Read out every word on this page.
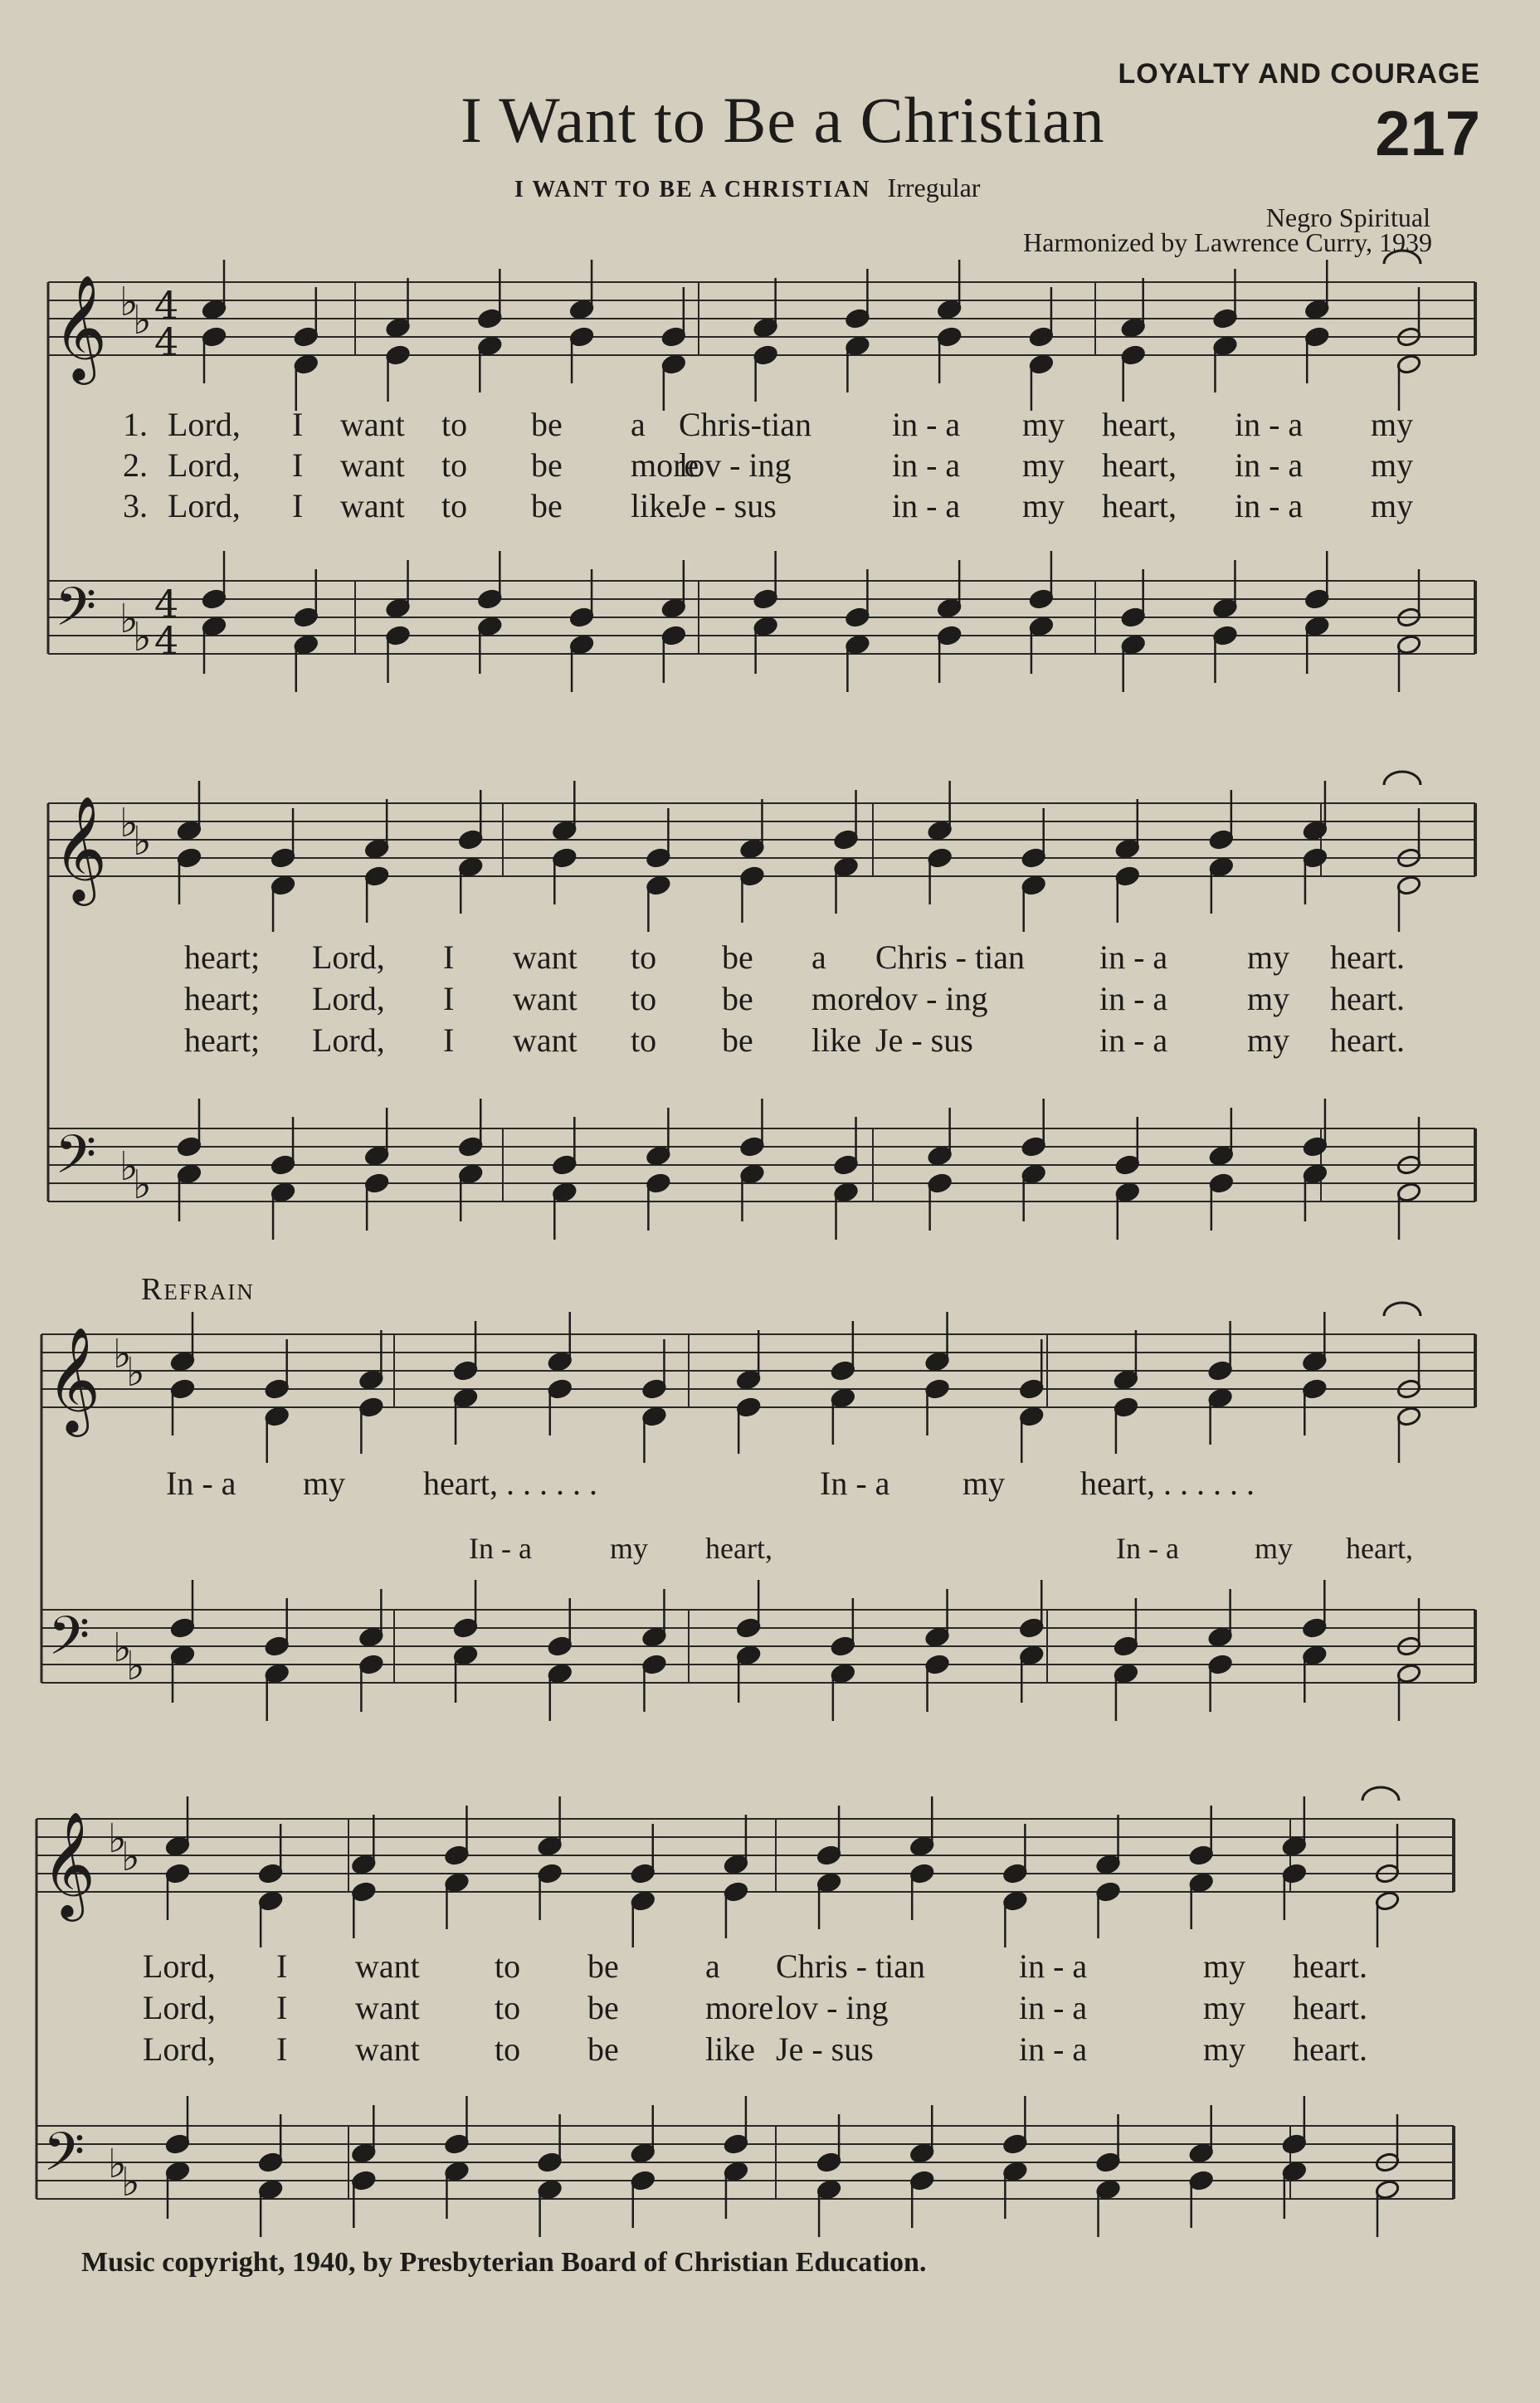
LOYALTY AND COURAGE
I Want to Be a Christian	217
I WANT TO BE A CHRISTIAN Irregular
Negro Spiritual
Harmonized by Lawrence Curry, 1939
𝄞
𝄢
♭
♭
♭
♭
4
4
4
4
𝄞
𝄢
♭
♭
♭
♭
𝄞
𝄢
♭
♭
♭
♭
𝄞
𝄢
♭
♭
♭
♭
1. Lord, I want to be a Chris-tian in - a my heart, in - a my
2. Lord, I want to be more
lov - ing	in - a my heart, in - a my
3. Lord, I want to be like
Je - sus	in - a my heart, in - a my
heart; Lord, I want to be a Chris - tian in - a my heart.
heart; Lord, I want to be more
lov - ing	in - a my heart.
heart; Lord, I want to be like Je - sus	in - a my heart.
Refrain
In - a my heart, . . . . . .	In - a my heart, . . . . . .
In - a	my heart,	In - a	my heart,
Lord, I want to be	a Chris - tian	in - a	my heart.
Lord, I want to be	more lov - ing	in - a	my heart.
Lord, I want to be	like Je - sus	in - a	my heart.
Music copyright, 1940, by Presbyterian Board of Christian Education.
